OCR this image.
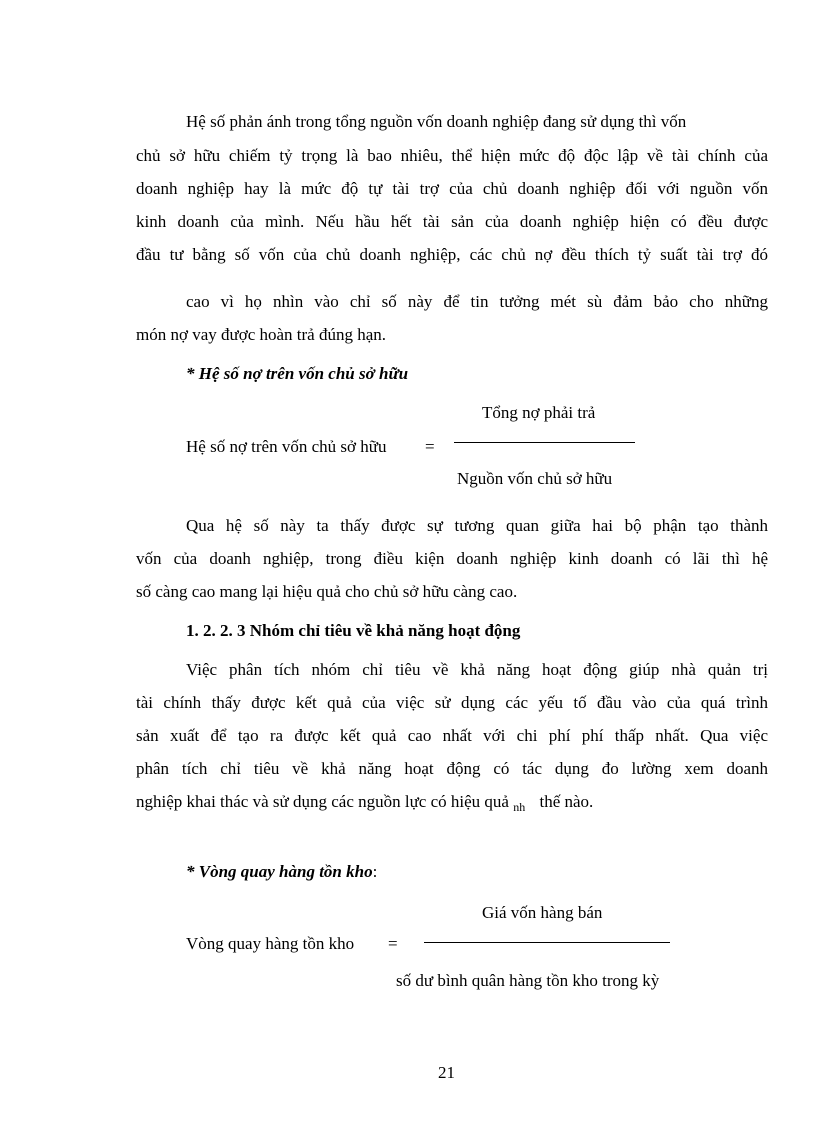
Hệ số phản ánh trong tổng nguồn vốn doanh nghiệp đang sử dụng thì vốn
chủ sở hữu chiếm tỷ trọng là bao nhiêu, thể hiện mức độ độc lập về tài chính của
doanh nghiệp hay là mức độ tự tài trợ của chủ doanh nghiệp đối với nguồn vốn
kinh doanh của mình. Nếu hầu hết tài sản của doanh nghiệp hiện có đều được
đầu tư bằng số vốn của chủ doanh nghiệp, các chủ nợ đều thích tỷ suất tài trợ đó
cao vì họ nhìn vào chỉ số này để tin tưởng mét sù đảm bảo cho những
món nợ vay được hoàn trả đúng hạn.
* Hệ số nợ trên vốn chủ sở hữu
Tổng nợ phải trả
Hệ số nợ trên vốn chủ sở hữu =
Nguồn vốn chủ sở hữu
Qua hệ số này ta thấy được sự tương quan giữa hai bộ phận tạo thành
vốn của doanh nghiệp, trong điều kiện doanh nghiệp kinh doanh có lãi thì hệ
số càng cao mang lại hiệu quả cho chủ sở hữu càng cao.
1. 2. 2. 3 Nhóm chỉ tiêu về khả năng hoạt động
Việc phân tích nhóm chỉ tiêu về khả năng hoạt động giúp nhà quản trị
tài chính thấy được kết quả của việc sử dụng các yếu tố đầu vào của quá trình
sản xuất để tạo ra được kết quả cao nhất với chi phí phí thấp nhất. Qua việc
phân tích chỉ tiêu về khả năng hoạt động có tác dụng đo lường xem doanh
nghiệp khai thác và sử dụng các nguồn lực có hiệu quả $_{nh}$ thế nào.
* Vòng quay hàng tồn kho:
Giá vốn hàng bán
Vòng quay hàng tồn kho =
số dư bình quân hàng tồn kho trong kỳ
21
